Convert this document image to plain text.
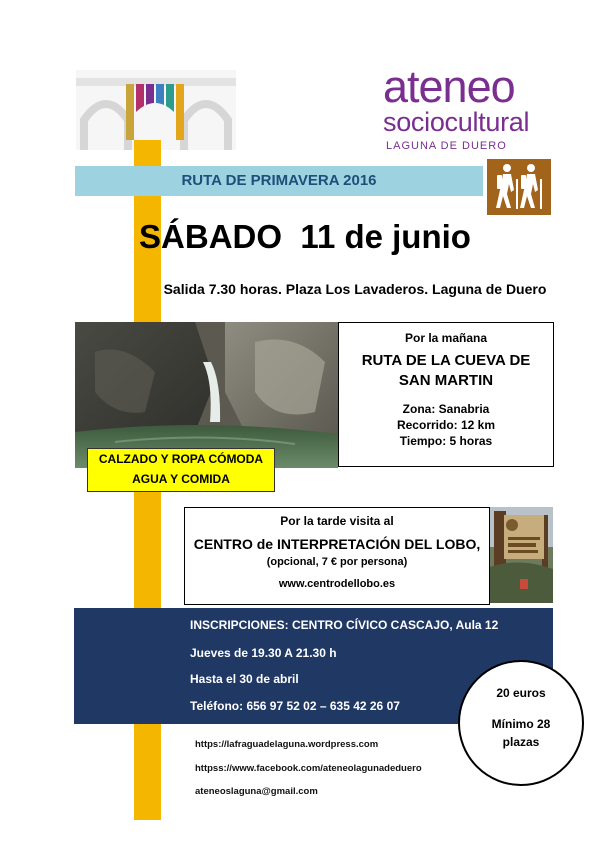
ateneo
sociocultural
LAGUNA DE DUERO
RUTA DE PRIMAVERA 2016
SÁBADO 11 de junio
Salida 7.30 horas. Plaza Los Lavaderos. Laguna de Duero
CALZADO Y ROPA CÓMODA
AGUA Y COMIDA
Por la mañana
RUTA DE LA CUEVA DE
SAN MARTIN
Zona: Sanabria
Recorrido: 12 km
Tiempo: 5 horas
Por la tarde visita al
CENTRO de INTERPRETACIÓN DEL LOBO,
(opcional, 7 € por persona)
www.centrodellobo.es
INSCRIPCIONES: CENTRO CÍVICO CASCAJO, Aula 12
Jueves de 19.30 A 21.30 h
Hasta el 30 de abril
Teléfono: 656 97 52 02 – 635 42 26 07
20 euros
Mínimo 28
plazas
https://lafraguadelaguna.wordpress.com
httpss://www.facebook.com/ateneolagunadeduero
ateneoslaguna@gmail.com
